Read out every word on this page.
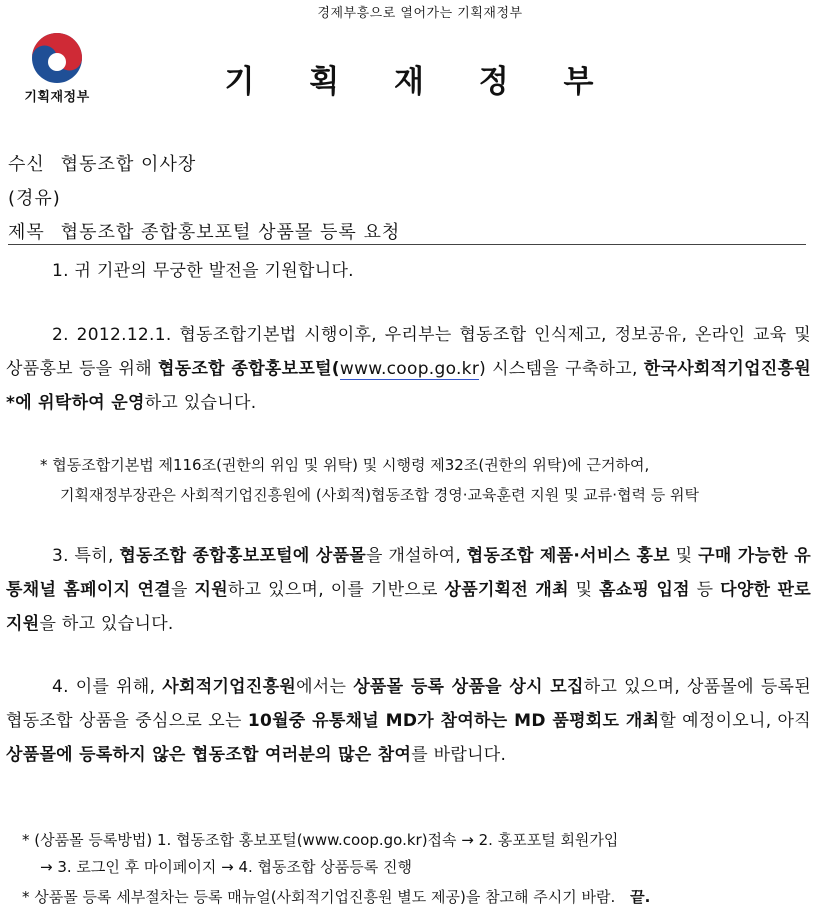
경제부흥으로 열어가는 기획재정부
기획재정부	기 획 재 정 부
수신 협동조합 이사장
(경유)
제목 협동조합 종합홍보포털 상품몰 등록 요청
1. 귀 기관의 무궁한 발전을 기원합니다.
2. 2012.12.1. 협동조합기본법 시행이후, 우리부는 협동조합 인식제고, 정보공유, 온라인 교육 및 상품홍보 등을 위해 협동조합 종합홍보포털(www.coop.go.kr) 시스템을 구축하고, 한국사회적기업진흥원*에 위탁하여 운영하고 있습니다.
* 협동조합기본법 제116조(권한의 위임 및 위탁) 및 시행령 제32조(권한의 위탁)에 근거하여,
기획재정부장관은 사회적기업진흥원에 (사회적)협동조합 경영·교육훈련 지원 및 교류·협력 등 위탁
3. 특히, 협동조합 종합홍보포털에 상품몰을 개설하여, 협동조합 제품·서비스 홍보 및 구매 가능한 유통채널 홈페이지 연결을 지원하고 있으며, 이를 기반으로 상품기획전 개최 및 홈쇼핑 입점 등 다양한 판로지원을 하고 있습니다.
4. 이를 위해, 사회적기업진흥원에서는 상품몰 등록 상품을 상시 모집하고 있으며, 상품몰에 등록된 협동조합 상품을 중심으로 오는 10월중 유통채널 MD가 참여하는 MD 품평회도 개최할 예정이오니, 아직 상품몰에 등록하지 않은 협동조합 여러분의 많은 참여를 바랍니다.
* (상품몰 등록방법) 1. 협동조합 홍보포털(www.coop.go.kr)접속 → 2. 홍포포털 회원가입
→ 3. 로그인 후 마이페이지 → 4. 협동조합 상품등록 진행
* 상품몰 등록 세부절차는 등록 매뉴얼(사회적기업진흥원 별도 제공)을 참고해 주시기 바람. 끝.
